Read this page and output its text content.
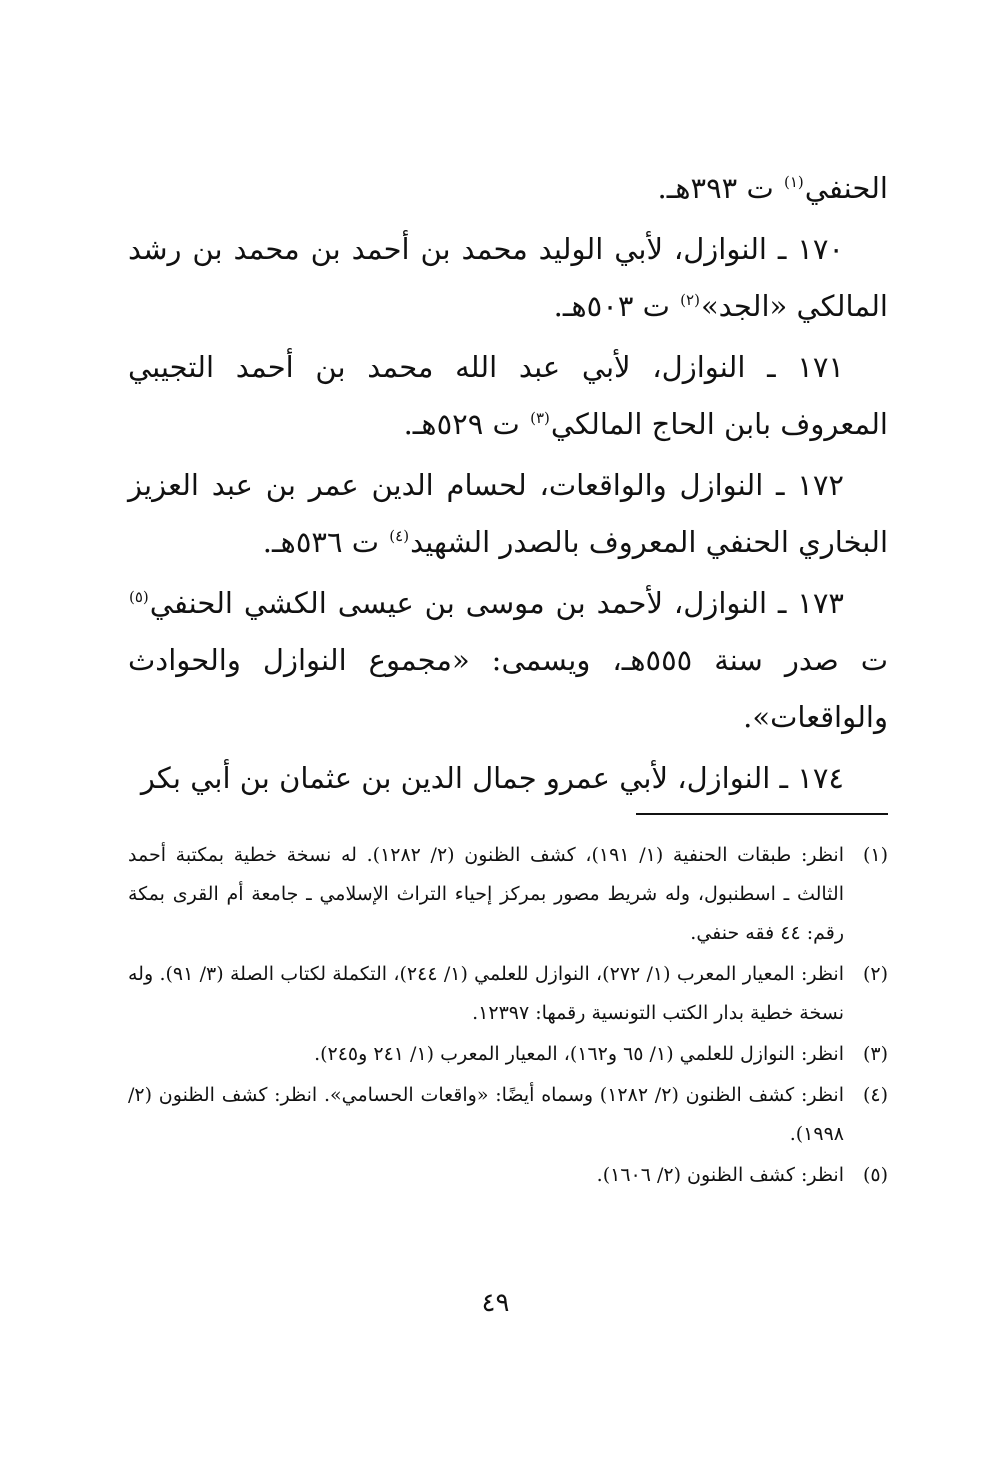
الحنفي$^{(١)}$ ت ٣٩٣هـ.

١٧٠ ـ النوازل، لأبي الوليد محمد بن أحمد بن محمد بن رشد المالكي «الجد»$^{(٢)}$ ت ٥٠٣هـ.

١٧١ ـ النوازل، لأبي عبد الله محمد بن أحمد التجيبي المعروف بابن الحاج المالكي$^{(٣)}$ ت ٥٢٩هـ.

١٧٢ ـ النوازل والواقعات، لحسام الدين عمر بن عبد العزيز البخاري الحنفي المعروف بالصدر الشهيد$^{(٤)}$ ت ٥٣٦هـ.

١٧٣ ـ النوازل، لأحمد بن موسى بن عيسى الكشي الحنفي$^{(٥)}$ ت صدر سنة ٥٥٥هـ، ويسمى: «مجموع النوازل والحوادث والواقعات».

١٧٤ ـ النوازل، لأبي عمرو جمال الدين بن عثمان بن أبي بكر

(١)
انظر: طبقات الحنفية (١/ ١٩١)، كشف الظنون (٢/ ١٢٨٢). له نسخة خطية بمكتبة أحمد الثالث ـ اسطنبول، وله شريط مصور بمركز إحياء التراث الإسلامي ـ جامعة أم القرى بمكة رقم: ٤٤ فقه حنفي.
(٢)
انظر: المعيار المعرب (١/ ٢٧٢)، النوازل للعلمي (١/ ٢٤٤)، التكملة لكتاب الصلة (٣/ ٩١). وله نسخة خطية بدار الكتب التونسية رقمها: ١٢٣٩٧.
(٣)
انظر: النوازل للعلمي (١/ ٦٥ و١٦٢)، المعيار المعرب (١/ ٢٤١ و٢٤٥).
(٤)
انظر: كشف الظنون (٢/ ١٢٨٢) وسماه أيضًا: «واقعات الحسامي». انظر: كشف الظنون (٢/ ١٩٩٨).
(٥)
انظر: كشف الظنون (٢/ ١٦٠٦).
٤٩
